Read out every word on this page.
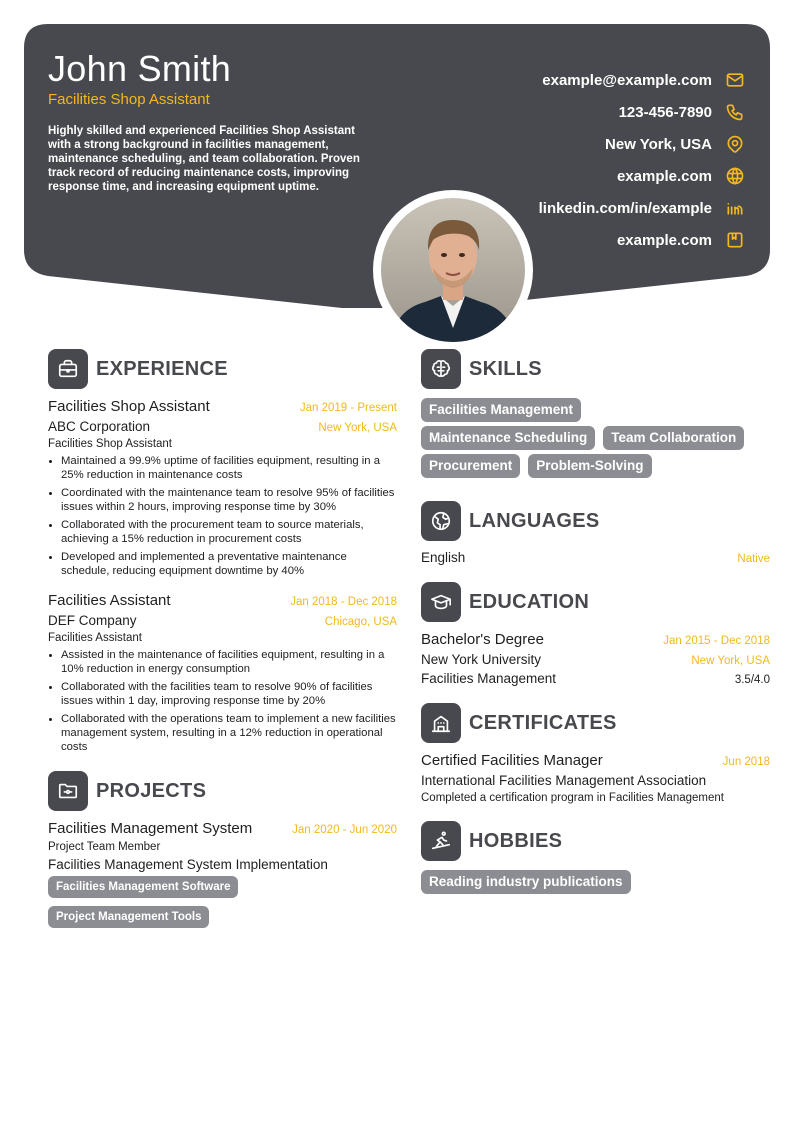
John Smith
Facilities Shop Assistant
Highly skilled and experienced Facilities Shop Assistant with a strong background in facilities management, maintenance scheduling, and team collaboration. Proven track record of reducing maintenance costs, improving response time, and increasing equipment uptime.
example@example.com
123-456-7890
New York, USA
example.com
linkedin.com/in/example
example.com
EXPERIENCE
Facilities Shop Assistant	Jan 2019 - Present
ABC Corporation	New York, USA
Facilities Shop Assistant
• Maintained a 99.9% uptime of facilities equipment, resulting in a 25% reduction in maintenance costs
• Coordinated with the maintenance team to resolve 95% of facilities issues within 2 hours, improving response time by 30%
• Collaborated with the procurement team to source materials, achieving a 15% reduction in procurement costs
• Developed and implemented a preventative maintenance schedule, reducing equipment downtime by 40%
Facilities Assistant	Jan 2018 - Dec 2018
DEF Company	Chicago, USA
Facilities Assistant
• Assisted in the maintenance of facilities equipment, resulting in a 10% reduction in energy consumption
• Collaborated with the facilities team to resolve 90% of facilities issues within 1 day, improving response time by 20%
• Collaborated with the operations team to implement a new facilities management system, resulting in a 12% reduction in operational costs
PROJECTS
Facilities Management System	Jan 2020 - Jun 2020
Project Team Member
Facilities Management System Implementation
Facilities Management Software
Project Management Tools
SKILLS
Facilities Management
Maintenance Scheduling	Team Collaboration
Procurement	Problem-Solving
LANGUAGES
English	Native
EDUCATION
Bachelor's Degree	Jan 2015 - Dec 2018
New York University	New York, USA
Facilities Management	3.5/4.0
CERTIFICATES
Certified Facilities Manager	Jun 2018
International Facilities Management Association
Completed a certification program in Facilities Management
HOBBIES
Reading industry publications
